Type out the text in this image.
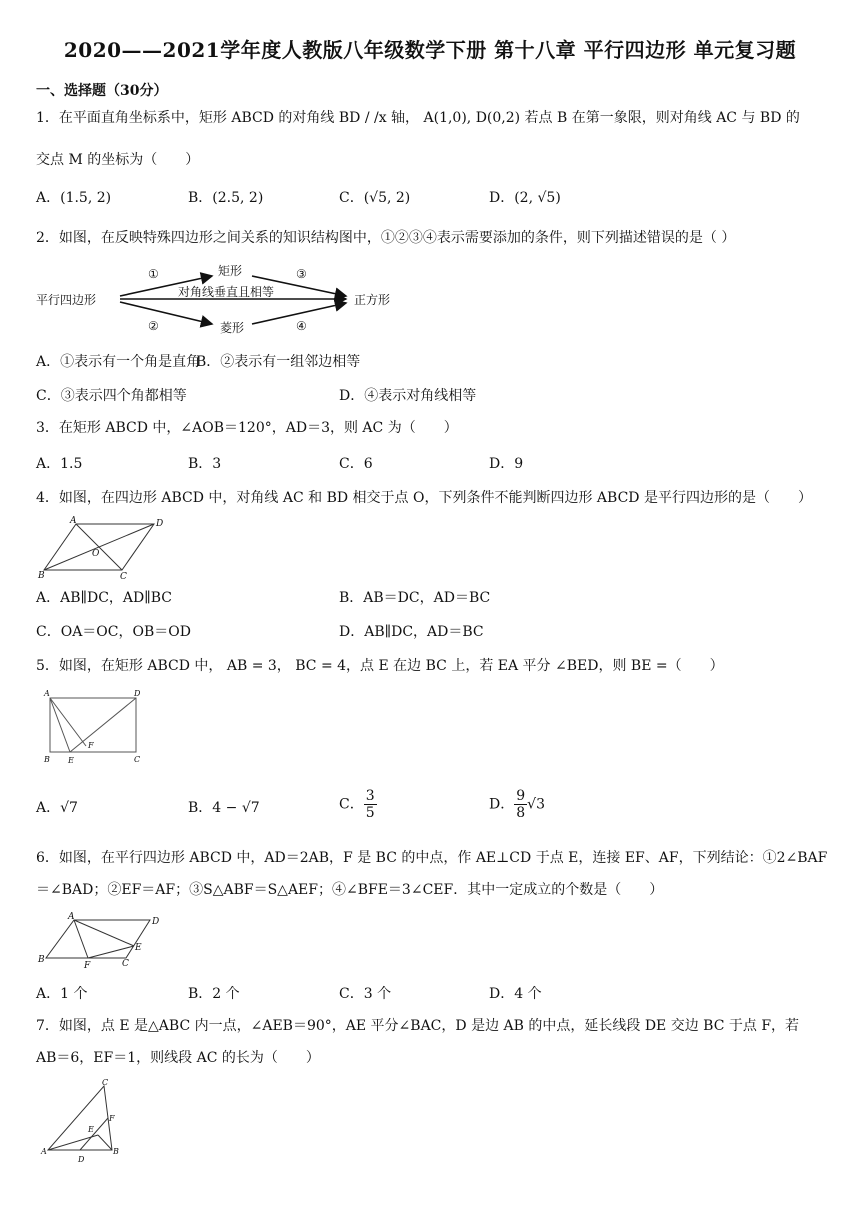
2020——2021学年度人教版八年级数学下册 第十八章 平行四边形 单元复习题
一、选择题（30分）
1．在平面直角坐标系中，矩形 ABCD 的对角线 BD / /x 轴， A(1,0), D(0,2) 若点 B 在第一象限，则对角线 AC 与 BD 的
交点 M 的坐标为（　　）
A．(1.5, 2)	B．(2.5, 2)	C．(√5, 2)	D．(2, √5)
2．如图，在反映特殊四边形之间关系的知识结构图中，①②③④表示需要添加的条件，则下列描述错误的是（ ）
平行四边形
矩形
菱形
正方形
对角线垂直且相等
①
②
③
④
A．①表示有一个角是直角
B．②表示有一组邻边相等
C．③表示四个角都相等	D．④表示对角线相等
3．在矩形 ABCD 中，∠AOB＝120°，AD＝3，则 AC 为（　　）
A．1.5	B．3	C．6	D．9
4．如图，在四边形 ABCD 中，对角线 AC 和 BD 相交于点 O，下列条件不能判断四边形 ABCD 是平行四边形的是（　　）
A
B	C
D
O
A．AB∥DC，AD∥BC	B．AB＝DC，AD＝BC
C．OA＝OC，OB＝OD	D．AB∥DC，AD＝BC
5．如图，在矩形 ABCD 中， AB = 3， BC = 4，点 E 在边 BC 上，若 EA 平分 ∠BED，则 BE =（　　）
A
B	C
D
E
F
A．√7	B．4 − √7	C． $\frac{3}{5}$	D． $\frac{9}{8} √3$
6．如图，在平行四边形 ABCD 中，AD＝2AB，F 是 BC 的中点，作 AE⊥CD 于点 E，连接 EF、AF，下列结论：①2∠BAF
＝∠BAD；②EF＝AF；③S△ABF＝S△AEF；④∠BFE＝3∠CEF．其中一定成立的个数是（　　）
A
B	C
D
E
F
A．1 个	B．2 个	C．3 个	D．4 个
7．如图，点 E 是△ABC 内一点，∠AEB＝90°，AE 平分∠BAC，D 是边 AB 的中点，延长线段 DE 交边 BC 于点 F，若
AB＝6，EF＝1，则线段 AC 的长为（　　）
A	B
C
D
E
F
